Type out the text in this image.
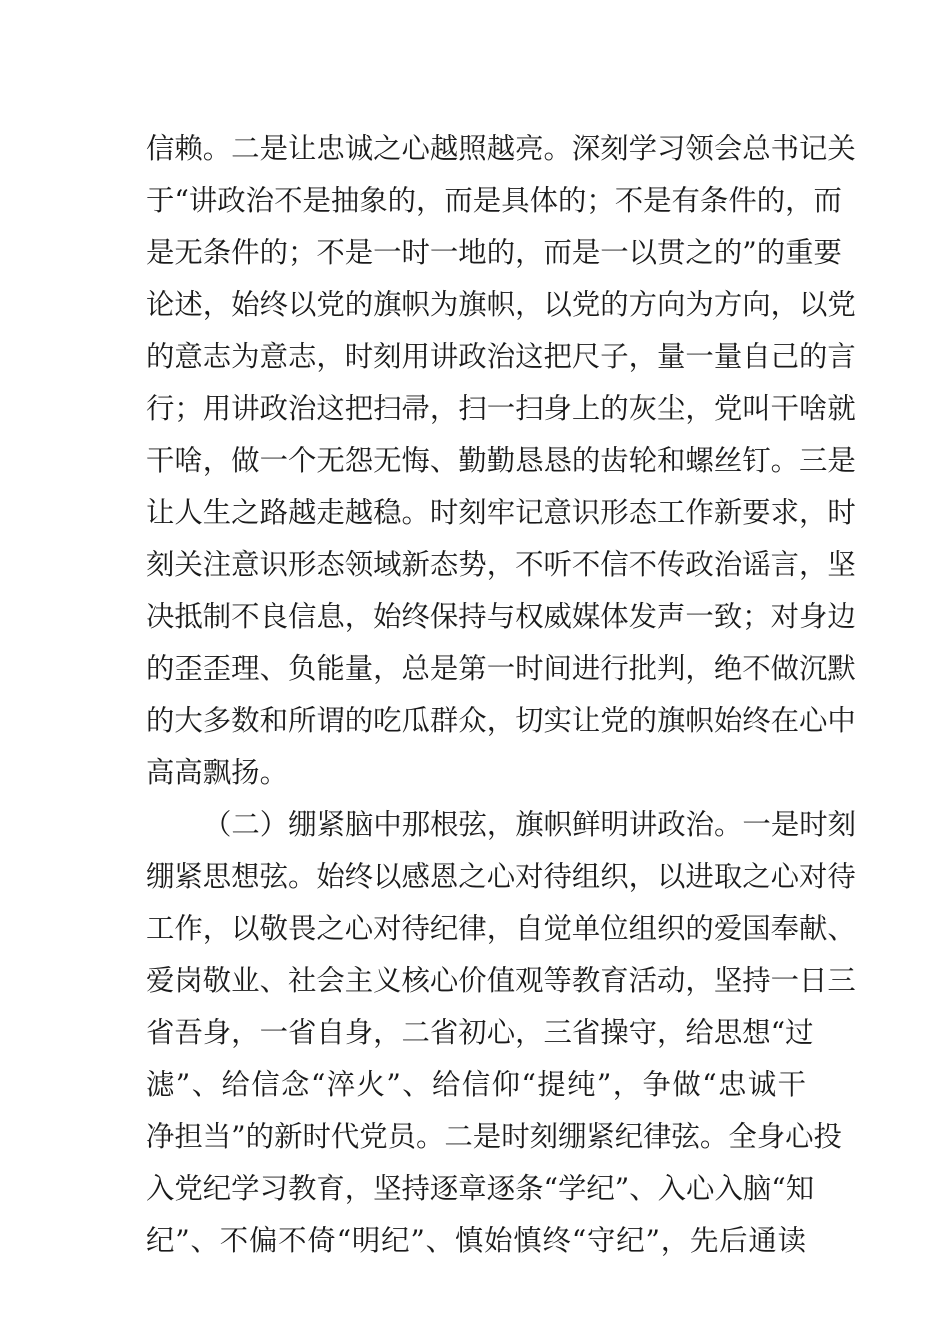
信赖。二是让忠诚之心越照越亮。深刻学习领会总书记关
于“讲政治不是抽象的，而是具体的；不是有条件的，而
是无条件的；不是一时一地的，而是一以贯之的”的重要
论述，始终以党的旗帜为旗帜，以党的方向为方向，以党
的意志为意志，时刻用讲政治这把尺子，量一量自己的言
行；用讲政治这把扫帚，扫一扫身上的灰尘，党叫干啥就
干啥，做一个无怨无悔、勤勤恳恳的齿轮和螺丝钉。三是
让人生之路越走越稳。时刻牢记意识形态工作新要求，时
刻关注意识形态领域新态势，不听不信不传政治谣言，坚
决抵制不良信息，始终保持与权威媒体发声一致；对身边
的歪歪理、负能量，总是第一时间进行批判，绝不做沉默
的大多数和所谓的吃瓜群众，切实让党的旗帜始终在心中
高高飘扬。
（二）绷紧脑中那根弦，旗帜鲜明讲政治。一是时刻
绷紧思想弦。始终以感恩之心对待组织，以进取之心对待
工作，以敬畏之心对待纪律，自觉单位组织的爱国奉献、
爱岗敬业、社会主义核心价值观等教育活动，坚持一日三
省吾身，一省自身，二省初心，三省操守，给思想“过
滤”、给信念“淬火”、给信仰“提纯”，争做“忠诚干
净担当”的新时代党员。二是时刻绷紧纪律弦。全身心投
入党纪学习教育，坚持逐章逐条“学纪”、入心入脑“知
纪”、不偏不倚“明纪”、慎始慎终“守纪”，先后通读
